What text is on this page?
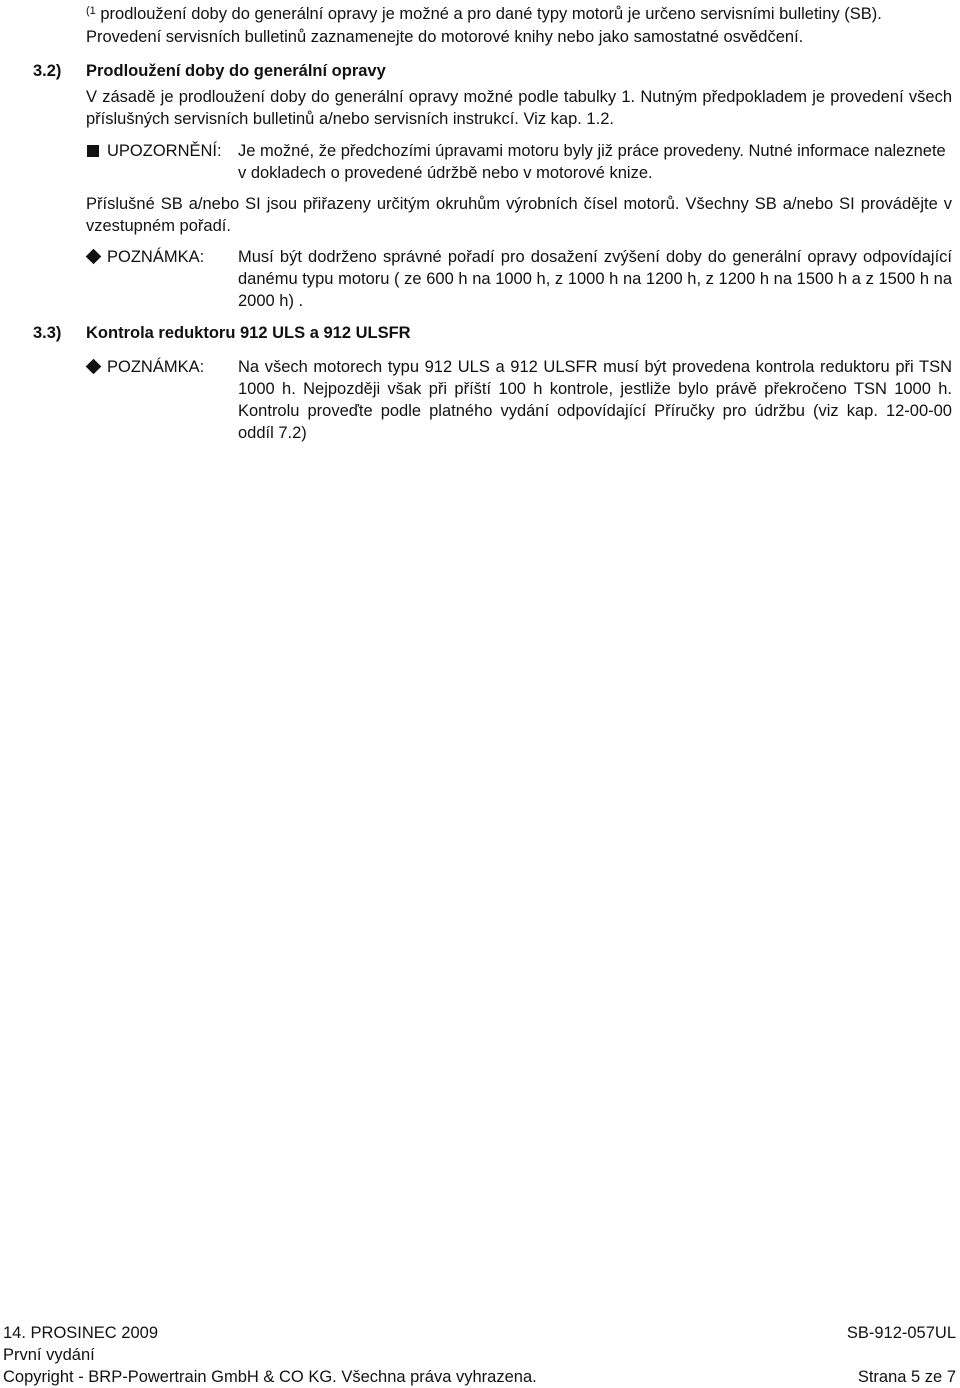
$^{(1}$ prodloužení doby do generální opravy je možné a pro dané typy motorů je určeno servisními bulletiny (SB).
Provedení servisních bulletinů zaznamenejte do motorové knihy nebo jako samostatné osvědčení.
3.2) Prodloužení doby do generální opravy
V zásadě je prodloužení doby do generální opravy možné podle tabulky 1. Nutným předpokladem je provedení všech příslušných servisních bulletinů a/nebo servisních instrukcí. Viz kap. 1.2.
UPOZORNĚNÍ: Je možné, že předchozími úpravami motoru byly již práce provedeny. Nutné informace naleznete v dokladech o provedené údržbě nebo v motorové knize.
Příslušné SB a/nebo SI jsou přiřazeny určitým okruhům výrobních čísel motorů. Všechny SB a/nebo SI provádějte v vzestupném pořadí.
POZNÁMKA: Musí být dodrženo správné pořadí pro dosažení zvýšení doby do generální opravy odpovídající danému typu motoru ( ze 600 h na 1000 h, z 1000 h na 1200 h, z 1200 h na 1500 h a z 1500 h na 2000 h) .
3.3) Kontrola reduktoru 912 ULS a 912 ULSFR
POZNÁMKA: Na všech motorech typu 912 ULS a 912 ULSFR musí být provedena kontrola reduktoru při TSN 1000 h. Nejpozději však při příští 100 h kontrole, jestliže bylo právě překročeno TSN 1000 h. Kontrolu proveďte podle platného vydání odpovídající Příručky pro údržbu (viz kap. 12-00-00 oddíl 7.2)
14. PROSINEC 2009	SB-912-057UL
První vydání
Copyright - BRP-Powertrain GmbH & CO KG. Všechna práva vyhrazena.	Strana 5 ze 7
